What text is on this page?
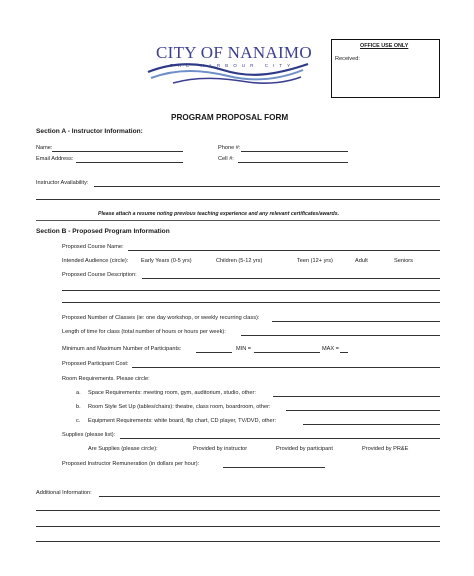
CITY OF NANAIMO
THE HARBOUR CITY
OFFICE USE ONLY
Received:
PROGRAM PROPOSAL FORM
Section A - Instructor Information:
Name:	Phone #:
Email Address:	Cell #:
Instructor Availability:
Please attach a resume noting previous teaching experience and any relevant certificates/awards.
Section B - Proposed Program Information
Proposed Course Name:
Intended Audience (circle): Early Years (0-5 yrs)	Children (5-12 yrs)	Teen (12+ yrs)	Adult	Seniors
Proposed Course Description:
Proposed Number of Classes (ie: one day workshop, or weekly recurring class):
Length of time for class (total number of hours or hours per week):
Minimum and Maximum Number of Participants:	MIN =	MAX =
Proposed Participant Cost:
Room Requirements. Please circle:
a. Space Requirements: meeting room, gym, auditorium, studio, other:
b. Room Style Set Up (tables/chairs): theatre, class room, boardroom, other:
c. Equipment Requirements: white board, flip chart, CD player, TV/DVD, other:
Supplies (please list):
Are Supplies (please circle):	Provided by instructor	Provided by participant	Provided by PR&E
Proposed Instructor Remuneration (in dollars per hour):
Additional Information:
